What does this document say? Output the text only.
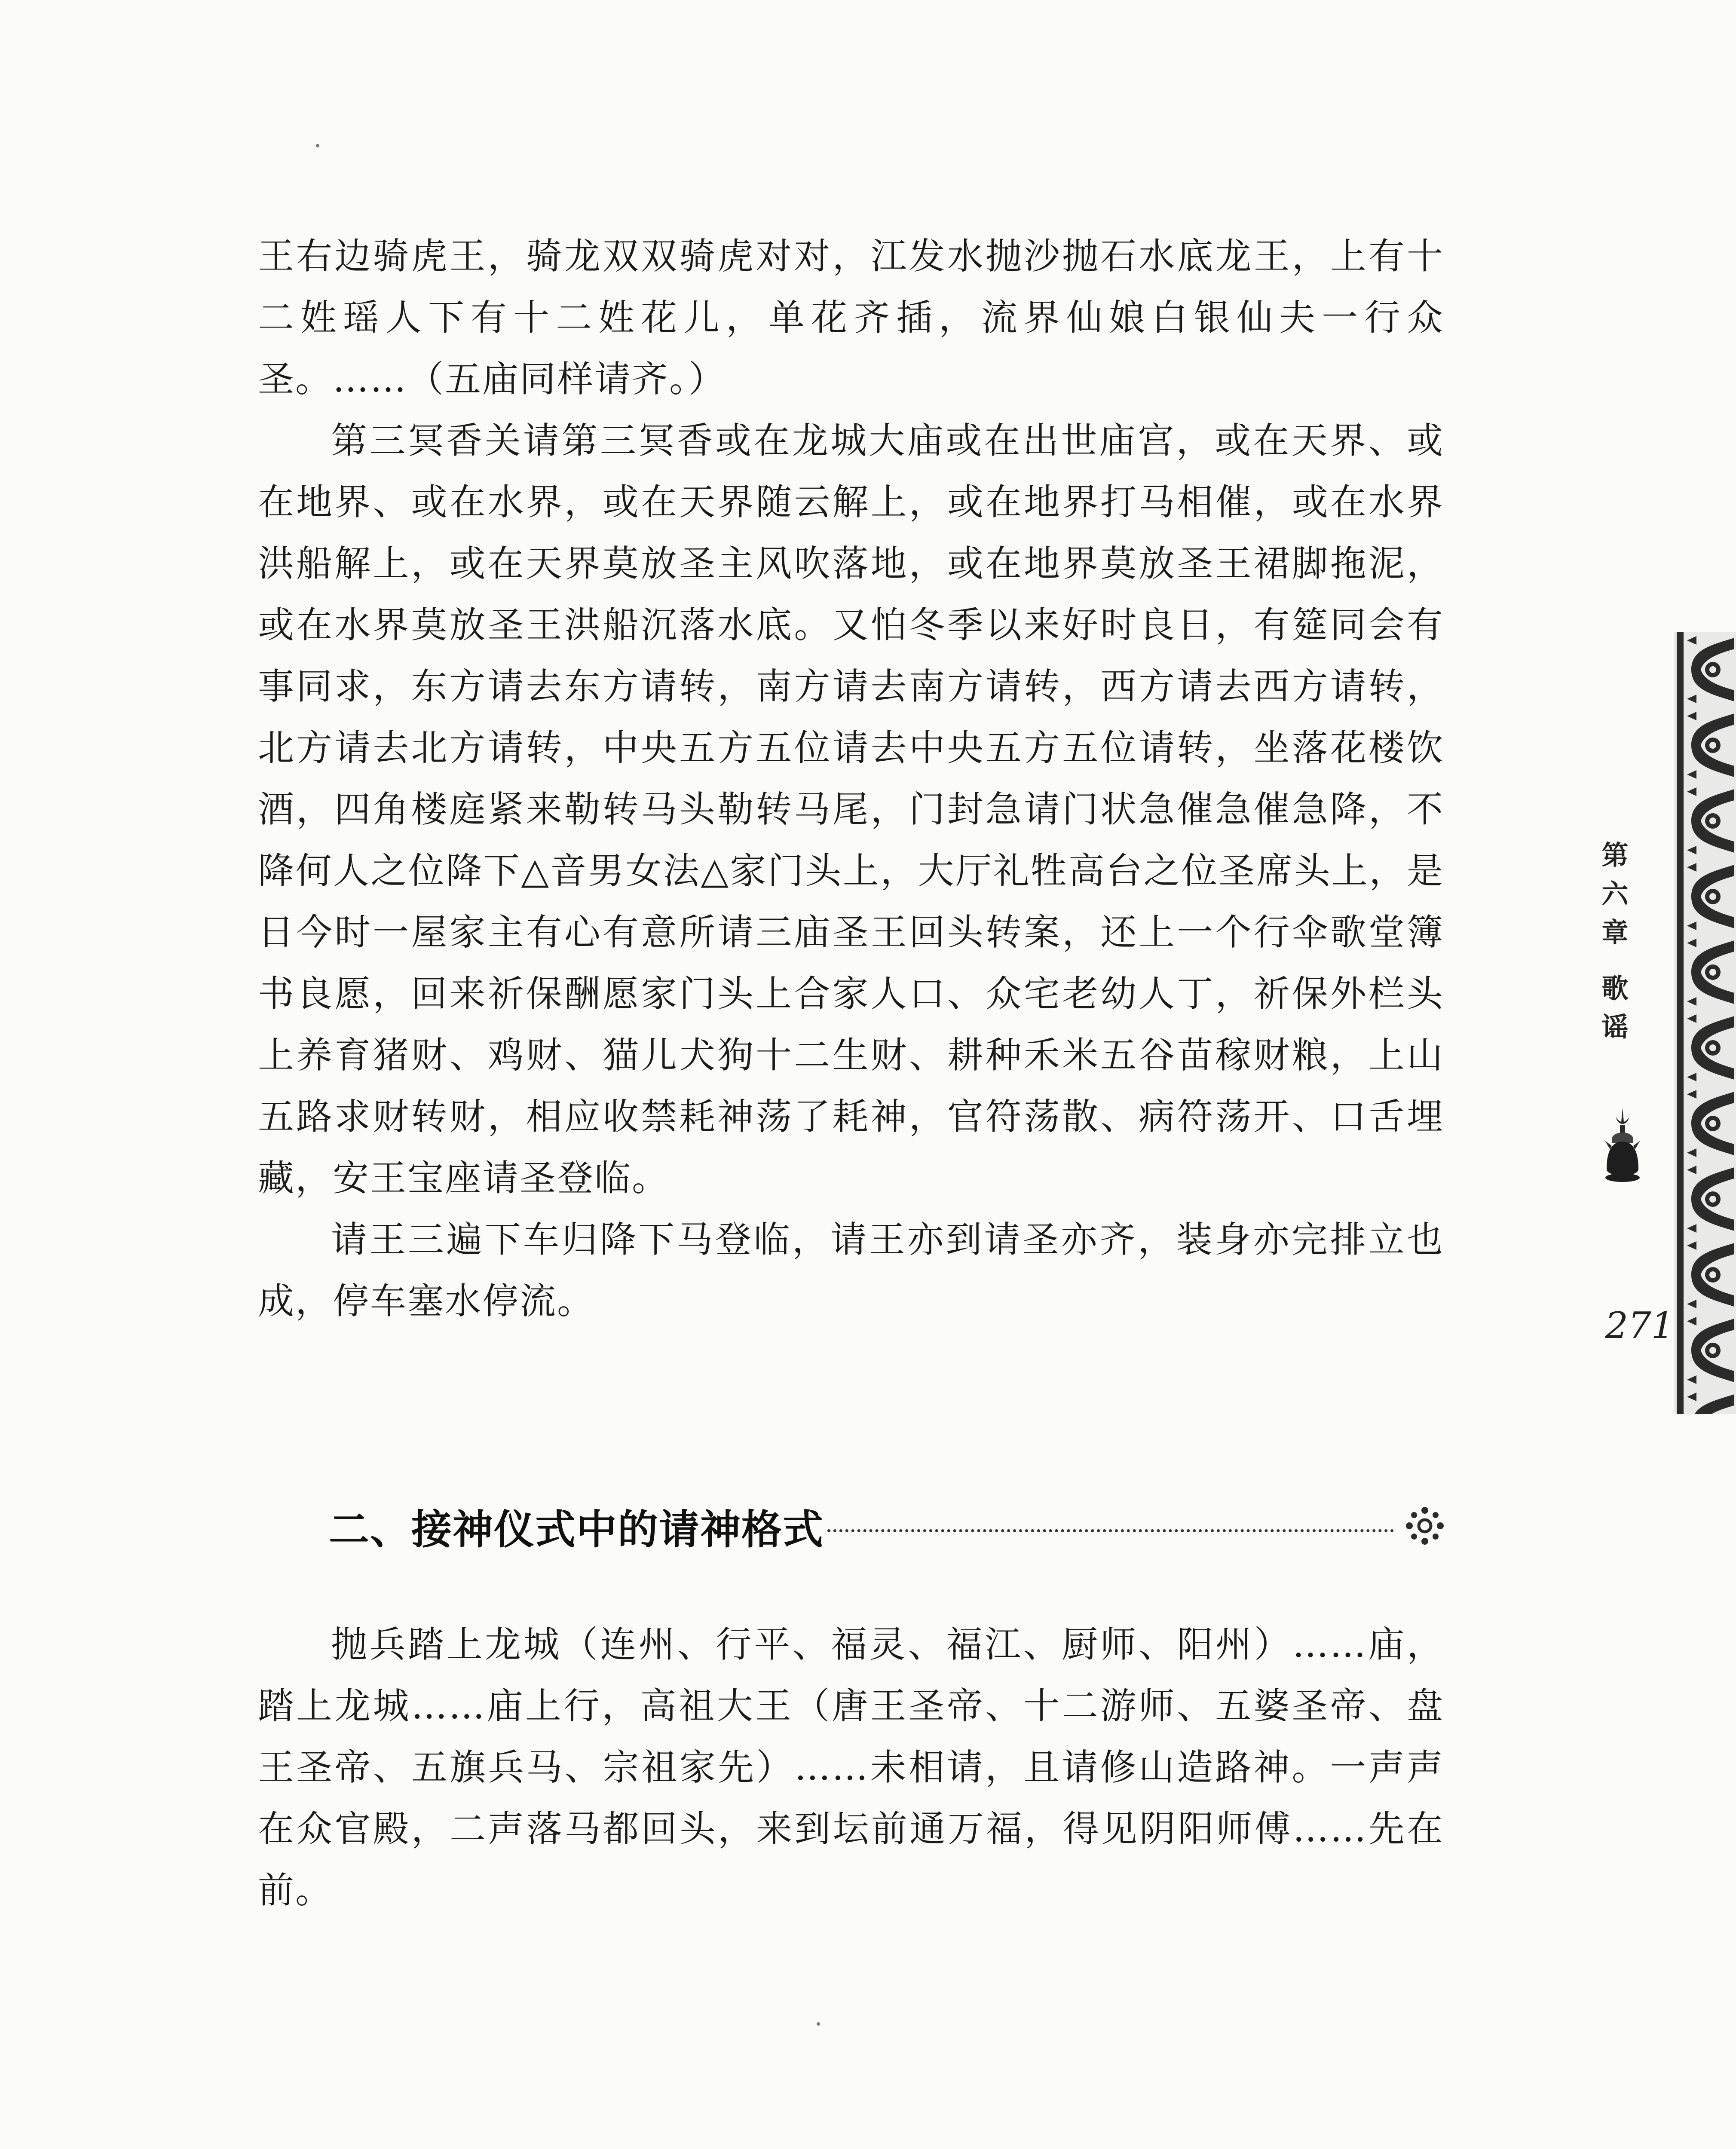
王右边骑虎王，骑龙双双骑虎对对，江发水抛沙抛石水底龙王，上有十二姓瑶人下有十二姓花儿，单花齐插，流界仙娘白银仙夫一行众圣。……（五庙同样请齐。）

第三冥香关请第三冥香或在龙城大庙或在出世庙宫，或在天界、或在地界、或在水界，或在天界随云解上，或在地界打马相催，或在水界洪船解上，或在天界莫放圣主风吹落地，或在地界莫放圣王裙脚拖泥，或在水界莫放圣王洪船沉落水底。又怕冬季以来好时良日，有筵同会有事同求，东方请去东方请转，南方请去南方请转，西方请去西方请转，北方请去北方请转，中央五方五位请去中央五方五位请转，坐落花楼饮酒，四角楼庭紧来勒转马头勒转马尾，门封急请门状急催急催急降，不降何人之位降下△音男女法△家门头上，大厅礼牲高台之位圣席头上，是日今时一屋家主有心有意所请三庙圣王回头转案，还上一个行伞歌堂簿书良愿，回来祈保酬愿家门头上合家人口、众宅老幼人丁，祈保外栏头上养育猪财、鸡财、猫儿犬狗十二生财、耕种禾米五谷苗稼财粮，上山五路求财转财，相应收禁耗神荡了耗神，官符荡散、病符荡开、口舌埋藏，安王宝座请圣登临。

请王三遍下车归降下马登临，请王亦到请圣亦齐，装身亦完排立也成，停车塞水停流。

二、接神仪式中的请神格式

抛兵踏上龙城（连州、行平、福灵、福江、厨师、阳州）……庙，踏上龙城……庙上行，高祖大王（唐王圣帝、十二游师、五婆圣帝、盘王圣帝、五旗兵马、宗祖家先）……未相请，且请修山造路神。一声声在众官殿，二声落马都回头，来到坛前通万福，得见阴阳师傅……先在前。

第
六
章
歌
谣
271
